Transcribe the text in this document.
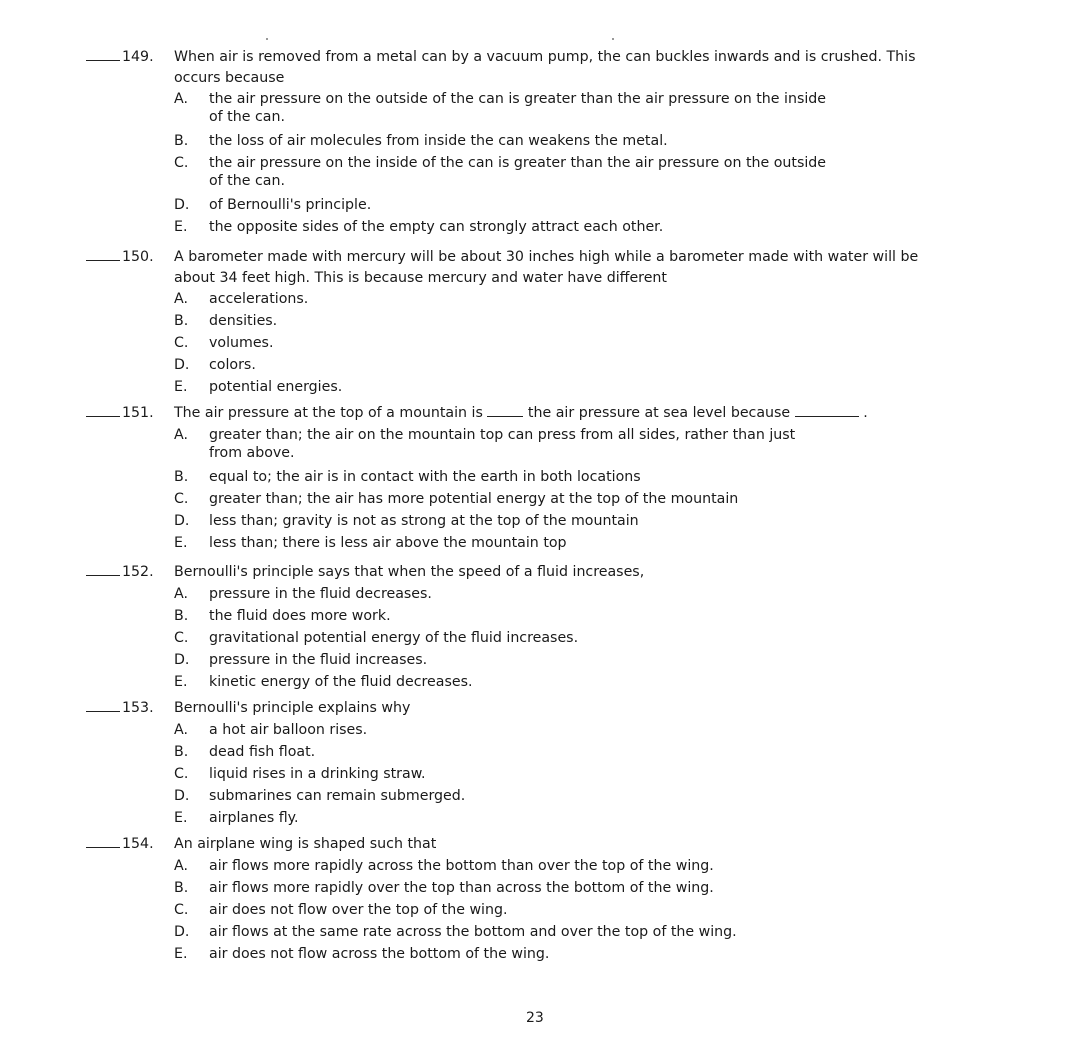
149. When air is removed from a metal can by a vacuum pump, the can buckles inwards and is crushed. This
occurs because
A. the air pressure on the outside of the can is greater than the air pressure on the inside
of the can.
B. the loss of air molecules from inside the can weakens the metal.
C. the air pressure on the inside of the can is greater than the air pressure on the outside
of the can.
D. of Bernoulli's principle.
E. the opposite sides of the empty can strongly attract each other.
150. A barometer made with mercury will be about 30 inches high while a barometer made with water will be
about 34 feet high. This is because mercury and water have different
A. accelerations.
B. densities.
C. volumes.
D. colors.
E. potential energies.
151. The air pressure at the top of a mountain is	the air pressure at sea level because	.
A. greater than; the air on the mountain top can press from all sides, rather than just
from above.
B. equal to; the air is in contact with the earth in both locations
C. greater than; the air has more potential energy at the top of the mountain
D. less than; gravity is not as strong at the top of the mountain
E. less than; there is less air above the mountain top
152. Bernoulli's principle says that when the speed of a fluid increases,
A. pressure in the fluid decreases.
B. the fluid does more work.
C. gravitational potential energy of the fluid increases.
D. pressure in the fluid increases.
E. kinetic energy of the fluid decreases.
153. Bernoulli's principle explains why
A. a hot air balloon rises.
B. dead fish float.
C. liquid rises in a drinking straw.
D. submarines can remain submerged.
E. airplanes fly.
154. An airplane wing is shaped such that
A. air flows more rapidly across the bottom than over the top of the wing.
B. air flows more rapidly over the top than across the bottom of the wing.
C. air does not flow over the top of the wing.
D. air flows at the same rate across the bottom and over the top of the wing.
E. air does not flow across the bottom of the wing.
23
